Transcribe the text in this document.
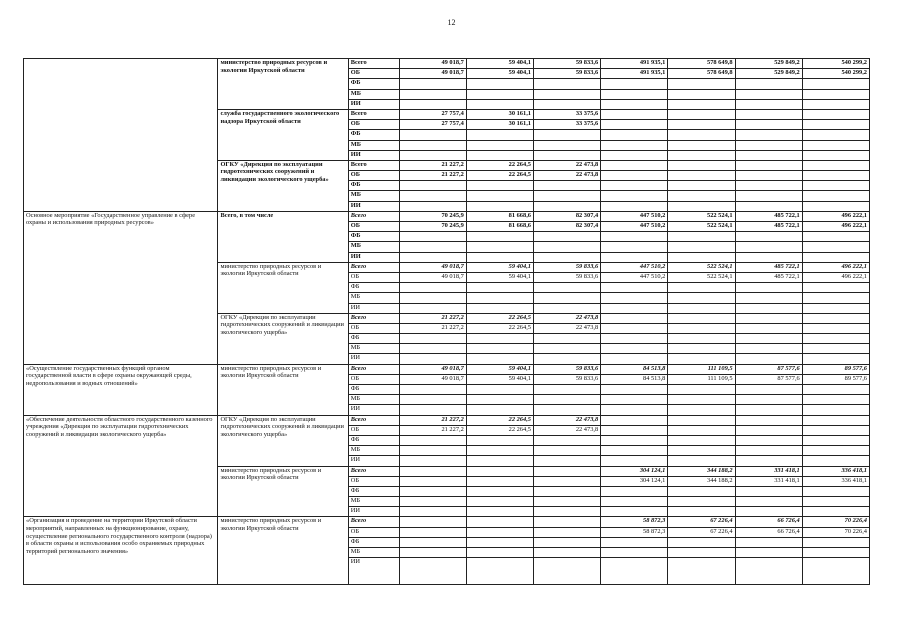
12
	министерство природных ресурсов и экологии Иркутской области	Всего	49 018,7	59 404,1	59 833,6	491 935,1	578 649,8	529 849,2	540 299,2
		ОБ	49 018,7	59 404,1	59 833,6	491 935,1	578 649,8	529 849,2	540 299,2
		ФБ							
		МБ							
		ИИ							
	служба государственного экологического надзора Иркутской области	Всего	27 757,4	30 161,1	33 375,6				
		ОБ	27 757,4	30 161,1	33 375,6				
		ФБ							
		МБ							
		ИИ							
	ОГКУ «Дирекция по эксплуатации гидротехнических сооружений и ликвидации экологического ущерба»	Всего	21 227,2	22 264,5	22 473,8				
		ОБ	21 227,2	22 264,5	22 473,8				
		ФБ							
		МБ							
		ИИ							
Основное мероприятие «Государственное управление в сфере охраны и использования природных ресурсов»	Всего, в том числе	Всего	70 245,9	81 668,6	82 307,4	447 510,2	522 524,1	485 722,1	496 222,1
		ОБ	70 245,9	81 668,6	82 307,4	447 510,2	522 524,1	485 722,1	496 222,1
		ФБ							
		МБ							
		ИИ							
	министерство природных ресурсов и экологии Иркутской области	Всего	49 018,7	59 404,1	59 833,6	447 510,2	522 524,1	485 722,1	496 222,1
		ОБ	49 018,7	59 404,1	59 833,6	447 510,2	522 524,1	485 722,1	496 222,1
		ФБ							
		МБ							
		ИИ							
	ОГКУ «Дирекция по эксплуатации гидротехнических сооружений и ликвидации экологического ущерба»	Всего	21 227,2	22 264,5	22 473,8				
		ОБ	21 227,2	22 264,5	22 473,8				
		ФБ							
		МБ							
		ИИ							
«Осуществление государственных функций органом государственной власти в сфере охраны окружающей среды, недропользования и водных отношений»	министерство природных ресурсов и экологии Иркутской области	Всего	49 018,7	59 404,1	59 833,6	84 513,8	111 109,5	87 577,6	89 577,6
		ОБ	49 018,7	59 404,1	59 833,6	84 513,8	111 109,5	87 577,6	89 577,6
		ФБ							
		МБ							
		ИИ							
«Обеспечение деятельности областного государственного казенного учреждения «Дирекция по эксплуатации гидротехнических сооружений и ликвидации экологического ущерба»	ОГКУ «Дирекция по эксплуатации гидротехнических сооружений и ликвидации экологического ущерба»	Всего	21 227,2	22 264,5	22 473,8				
		ОБ	21 227,2	22 264,5	22 473,8				
		ФБ							
		МБ							
		ИИ							
	министерство природных ресурсов и экологии Иркутской области	Всего				304 124,1	344 188,2	331 418,1	336 418,1
		ОБ				304 124,1	344 188,2	331 418,1	336 418,1
		ФБ							
		МБ							
		ИИ							
«Организация и проведение на территории Иркутской области мероприятий, направленных на функционирование, охрану, осуществление регионального государственного контроля (надзора) в области охраны и использования особо охраняемых природных территорий регионального значения»	министерство природных ресурсов и экологии Иркутской области	Всего				58 872,3	67 226,4	66 726,4	70 226,4
		ОБ				58 872,3	67 226,4	66 726,4	70 226,4
		ФБ							
		МБ							
		ИИ							
